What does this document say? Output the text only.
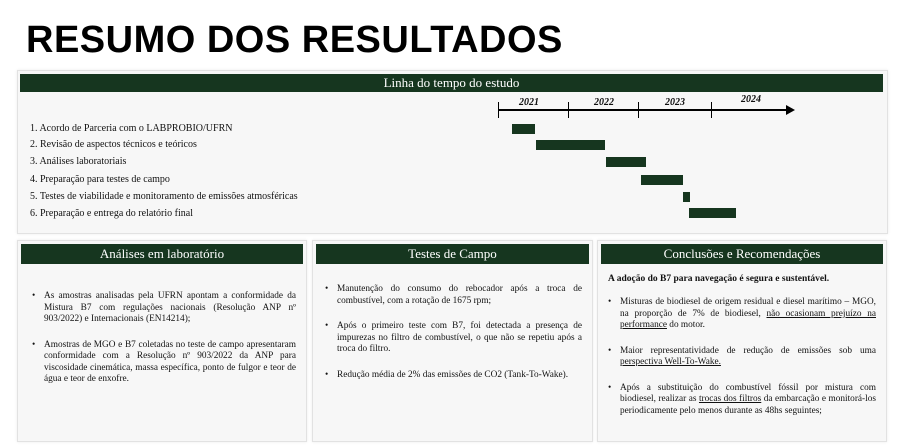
RESUMO DOS RESULTADOS
Linha do tempo do estudo
1. Acordo de Parceria com o LABPROBIO/UFRN
2. Revisão de aspectos técnicos e teóricos
3. Análises laboratoriais
4. Preparação para testes de campo
5. Testes de viabilidade e monitoramento de emissões atmosféricas
6. Preparação e entrega do relatório final
2021	2022	2023	2024
Análises em laboratório
• As amostras analisadas pela UFRN apontam a conformidade da Mistura B7 com regulações nacionais (Resolução ANP nº 903/2022) e Internacionais (EN14214);
• Amostras de MGO e B7 coletadas no teste de campo apresentaram conformidade com a Resolução nº 903/2022 da ANP para viscosidade cinemática, massa específica, ponto de fulgor e teor de água e teor de enxofre.
Testes de Campo
• Manutenção do consumo do rebocador após a troca de combustível, com a rotação de 1675 rpm;
• Após o primeiro teste com B7, foi detectada a presença de impurezas no filtro de combustível, o que não se repetiu após a troca do filtro.
• Redução média de 2% das emissões de CO2 (Tank-To-Wake).
Conclusões e Recomendações
A adoção do B7 para navegação é segura e sustentável.
• Misturas de biodiesel de origem residual e diesel marítimo – MGO, na proporção de 7% de biodiesel, não ocasionam prejuízo na performance do motor.
• Maior representatividade de redução de emissões sob uma perspectiva Well-To-Wake.
• Após a substituição do combustível fóssil por mistura com biodiesel, realizar as trocas dos filtros da embarcação e monitorá-los periodicamente pelo menos durante as 48hs seguintes;
